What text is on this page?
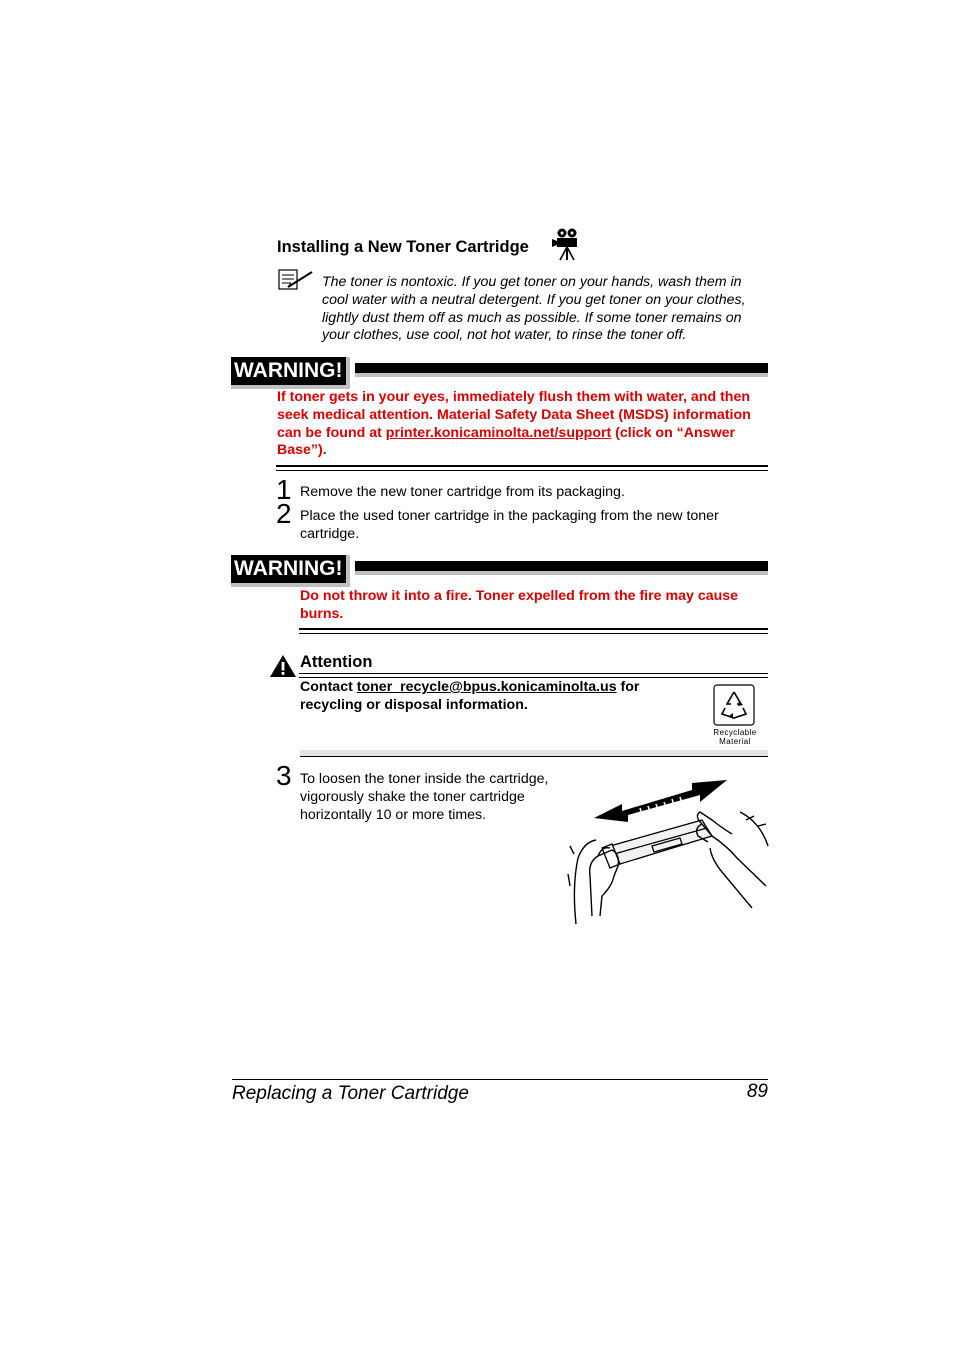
Installing a New Toner Cartridge
The toner is nontoxic. If you get toner on your hands, wash them in cool water with a neutral detergent. If you get toner on your clothes, lightly dust them off as much as possible. If some toner remains on your clothes, use cool, not hot water, to rinse the toner off.
WARNING!
If toner gets in your eyes, immediately flush them with water, and then seek medical attention. Material Safety Data Sheet (MSDS) information can be found at printer.konicaminolta.net/support (click on “Answer Base”).
1 Remove the new toner cartridge from its packaging.
2 Place the used toner cartridge in the packaging from the new toner cartridge.
WARNING!
Do not throw it into a fire. Toner expelled from the fire may cause burns.
Attention
Contact toner_recycle@bpus.konicaminolta.us for recycling or disposal information.
Recyclable
Material
3 To loosen the toner inside the cartridge, vigorously shake the toner cartridge horizontally 10 or more times.
Replacing a Toner Cartridge	89
